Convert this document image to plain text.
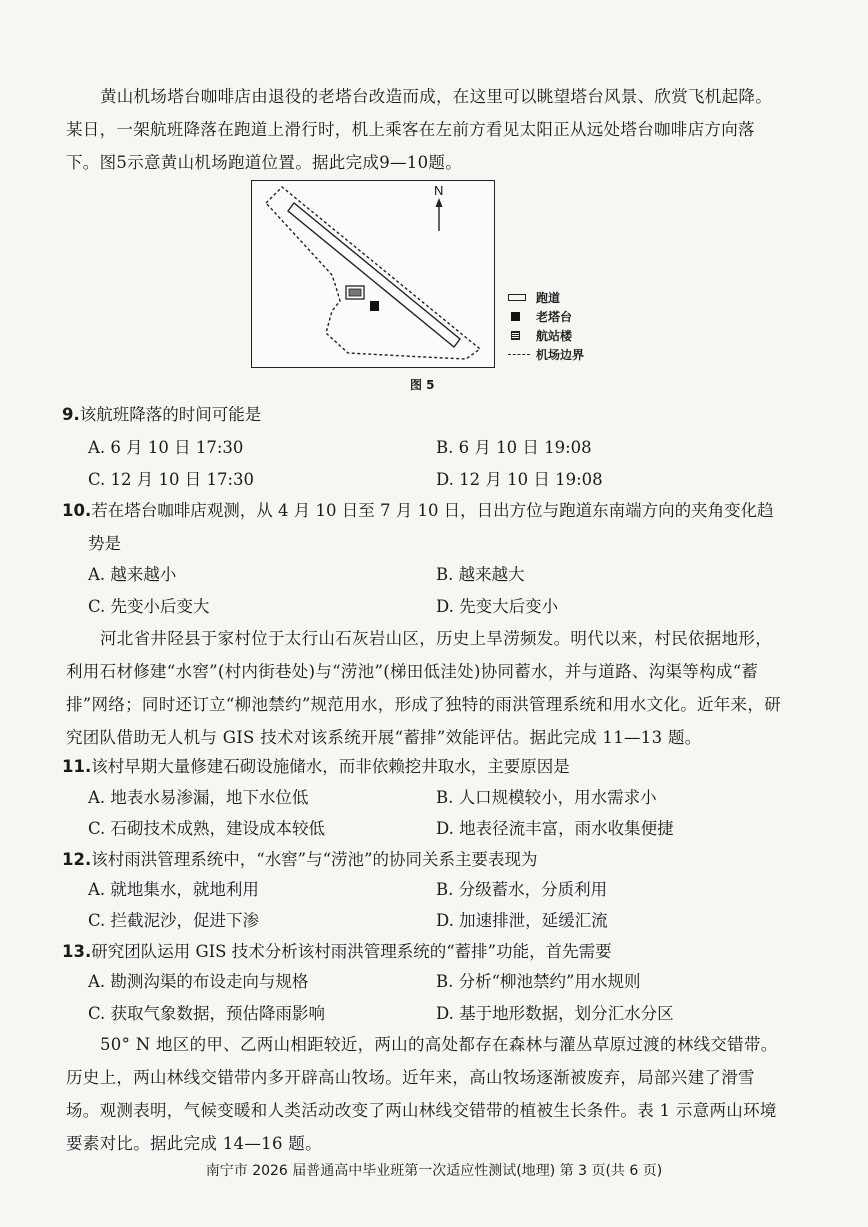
黄山机场塔台咖啡店由退役的老塔台改造而成，在这里可以眺望塔台风景、欣赏飞机起降。某日，一架航班降落在跑道上滑行时，机上乘客在左前方看见太阳正从远处塔台咖啡店方向落下。图5示意黄山机场跑道位置。据此完成9—10题。

N
跑道
老塔台
航站楼
机场边界
图 5

9.该航班降落的时间可能是

A. 6 月 10 日 17:30	B. 6 月 10 日 19:08
C. 12 月 10 日 17:30	D. 12 月 10 日 19:08

10.若在塔台咖啡店观测，从 4 月 10 日至 7 月 10 日，日出方位与跑道东南端方向的夹角变化趋

势是

A. 越来越小	B. 越来越大
C. 先变小后变大	D. 先变大后变小

河北省井陉县于家村位于太行山石灰岩山区，历史上旱涝频发。明代以来，村民依据地形，利用石材修建“水窖”(村内街巷处)与“涝池”(梯田低洼处)协同蓄水，并与道路、沟渠等构成“蓄排”网络；同时还订立“柳池禁约”规范用水，形成了独特的雨洪管理系统和用水文化。近年来，研究团队借助无人机与 GIS 技术对该系统开展“蓄排”效能评估。据此完成 11—13 题。

11.该村早期大量修建石砌设施储水，而非依赖挖井取水，主要原因是

A. 地表水易渗漏，地下水位低	B. 人口规模较小，用水需求小
C. 石砌技术成熟，建设成本较低	D. 地表径流丰富，雨水收集便捷

12.该村雨洪管理系统中，“水窖”与“涝池”的协同关系主要表现为

A. 就地集水，就地利用	B. 分级蓄水，分质利用
C. 拦截泥沙，促进下渗	D. 加速排泄，延缓汇流

13.研究团队运用 GIS 技术分析该村雨洪管理系统的“蓄排”功能，首先需要

A. 勘测沟渠的布设走向与规格	B. 分析“柳池禁约”用水规则
C. 获取气象数据，预估降雨影响	D. 基于地形数据，划分汇水分区

50° N 地区的甲、乙两山相距较近，两山的高处都存在森林与灌丛草原过渡的林线交错带。历史上，两山林线交错带内多开辟高山牧场。近年来，高山牧场逐渐被废弃，局部兴建了滑雪场。观测表明，气候变暖和人类活动改变了两山林线交错带的植被生长条件。表 1 示意两山环境要素对比。据此完成 14—16 题。

南宁市 2026 届普通高中毕业班第一次适应性测试(地理) 第 3 页(共 6 页)
